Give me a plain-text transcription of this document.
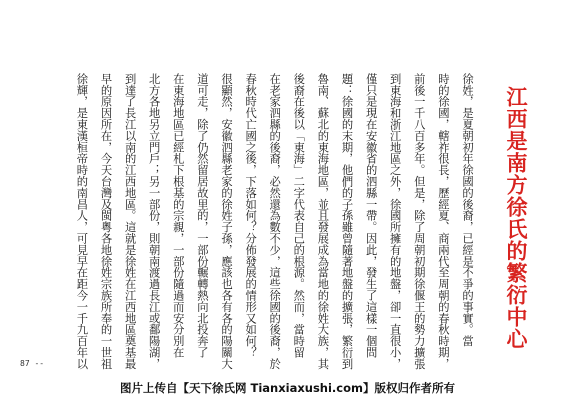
江西是南方徐氏的繁衍中心
徐姓，是夏朝初年徐國的後裔，已經是不爭的事實。當
時的徐國，轄祚很長，歷經夏、商兩代至周朝的春秋時期，
前後一千八百多年。但是，除了周朝初期徐偃王的勢力擴張
到東海和浙江地區之外，徐國所擁有的地盤，卻一直很小，
僅只是現在安徽省的泗縣一帶。因此，發生了這樣一個問
題：徐國的末期，他們的子孫雖曾隨著地盤的擴張，繁衍到
魯南、蘇北的東海地區，並且發展成為當地的徐姓大族，其
後裔在後以「東海」二字代表自己的根源。然而，當時留
在老家泗縣的後裔，必然還為數不少，這些徐國的後裔，於
春秋時代亡國之後，下落如何？分佈發展的情形又如何？
很顯然，安徽泗縣老家的徐姓子孫，應該也各有各的陽關大
道可走，除了仍然留居故里的，一部份輾轉熱向北投奔了
在東海地區已經札下根基的宗親，一部份隨過而安分別在
北方各地另立門戶；另一部份，則朝南渡過長江或鄱陽湖，
到達了長江以南的江西地區。這就是徐姓在江西地區奠基最
早的原因所在，今天台灣及閩粵各地徐姓宗族所奉的一世祖
徐輝，是東漢桓帝時的南昌人，可見早在距今一千九百年以
87 --
图片上传自【天下徐氏网 Tianxiaxushi.com】版权归作者所有
